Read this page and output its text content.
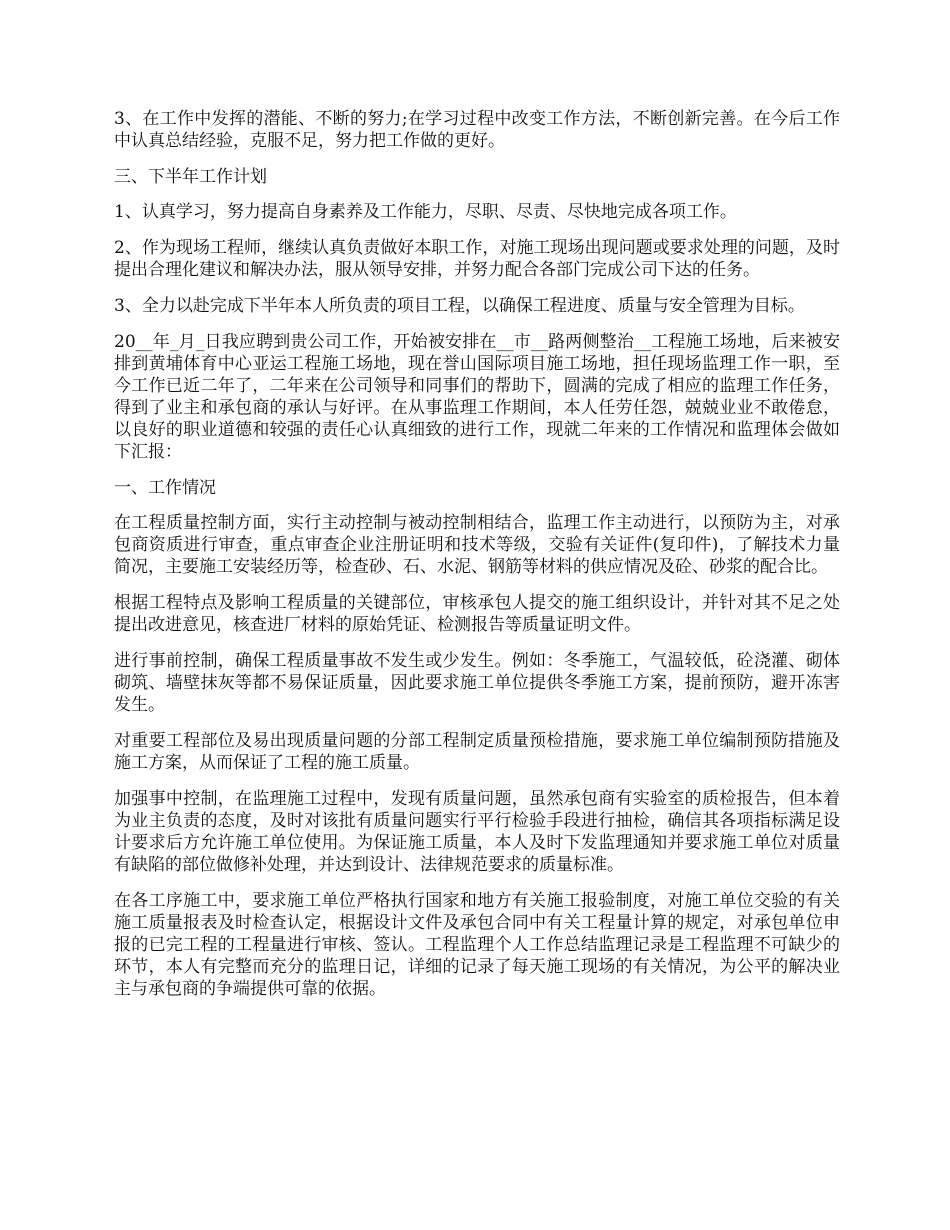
3、在工作中发挥的潜能、不断的努力;在学习过程中改变工作方法，不断创新完善。在今后工作中认真总结经验，克服不足，努力把工作做的更好。

三、下半年工作计划

1、认真学习，努力提高自身素养及工作能力，尽职、尽责、尽快地完成各项工作。

2、作为现场工程师，继续认真负责做好本职工作，对施工现场出现问题或要求处理的问题，及时提出合理化建议和解决办法，服从领导安排，并努力配合各部门完成公司下达的任务。

3、全力以赴完成下半年本人所负责的项目工程，以确保工程进度、质量与安全管理为目标。

20__年_月_日我应聘到贵公司工作，开始被安排在__市__路两侧整治__工程施工场地，后来被安排到黄埔体育中心亚运工程施工场地，现在誉山国际项目施工场地，担任现场监理工作一职，至今工作已近二年了，二年来在公司领导和同事们的帮助下，圆满的完成了相应的监理工作任务，得到了业主和承包商的承认与好评。在从事监理工作期间，本人任劳任怨，兢兢业业不敢倦怠，以良好的职业道德和较强的责任心认真细致的进行工作，现就二年来的工作情况和监理体会做如下汇报：

一、工作情况

在工程质量控制方面，实行主动控制与被动控制相结合，监理工作主动进行，以预防为主，对承包商资质进行审查，重点审查企业注册证明和技术等级，交验有关证件(复印件)，了解技术力量简况，主要施工安装经历等，检查砂、石、水泥、钢筋等材料的供应情况及砼、砂浆的配合比。

根据工程特点及影响工程质量的关键部位，审核承包人提交的施工组织设计，并针对其不足之处提出改进意见，核查进厂材料的原始凭证、检测报告等质量证明文件。

进行事前控制，确保工程质量事故不发生或少发生。例如：冬季施工，气温较低，砼浇灌、砌体砌筑、墙壁抹灰等都不易保证质量，因此要求施工单位提供冬季施工方案，提前预防，避开冻害发生。

对重要工程部位及易出现质量问题的分部工程制定质量预检措施，要求施工单位编制预防措施及施工方案，从而保证了工程的施工质量。

加强事中控制，在监理施工过程中，发现有质量问题，虽然承包商有实验室的质检报告，但本着为业主负责的态度，及时对该批有质量问题实行平行检验手段进行抽检，确信其各项指标满足设计要求后方允许施工单位使用。为保证施工质量，本人及时下发监理通知并要求施工单位对质量有缺陷的部位做修补处理，并达到设计、法律规范要求的质量标准。

在各工序施工中，要求施工单位严格执行国家和地方有关施工报验制度，对施工单位交验的有关施工质量报表及时检查认定，根据设计文件及承包合同中有关工程量计算的规定，对承包单位申报的已完工程的工程量进行审核、签认。工程监理个人工作总结监理记录是工程监理不可缺少的环节，本人有完整而充分的监理日记，详细的记录了每天施工现场的有关情况，为公平的解决业主与承包商的争端提供可靠的依据。
